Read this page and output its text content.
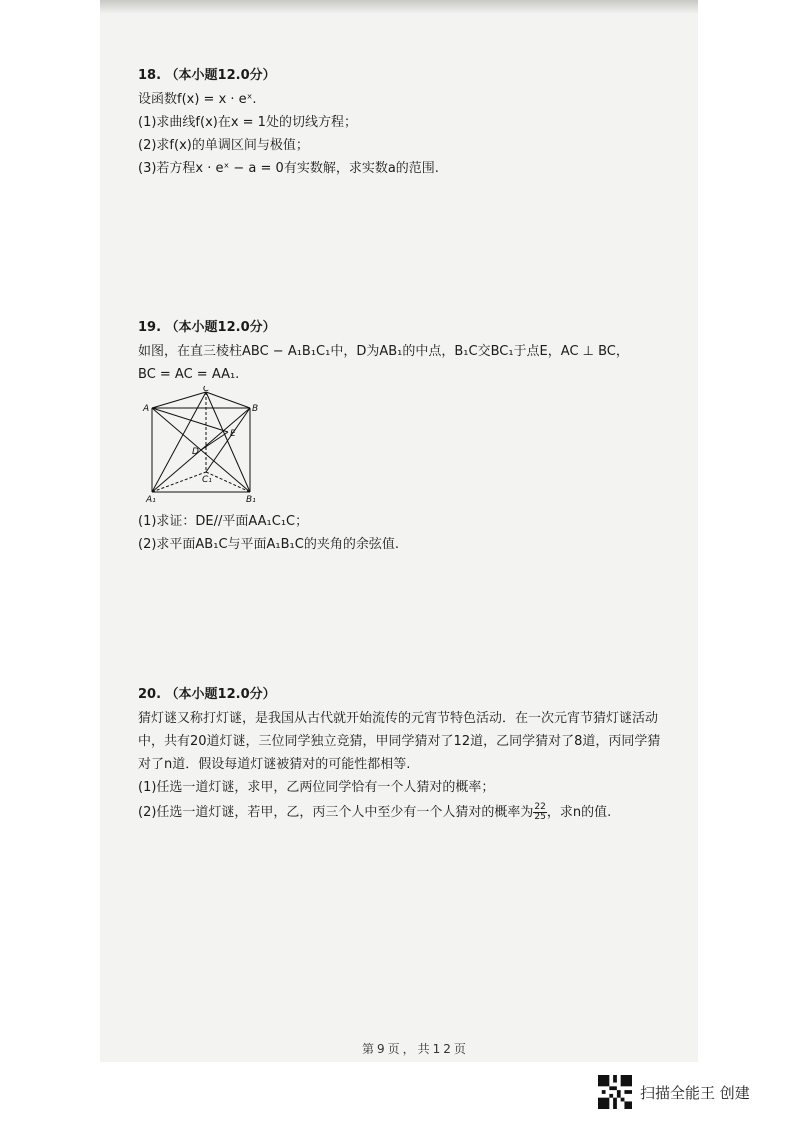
18. （本小题12.0分）
设函数f(x) = x · eˣ.
(1)求曲线f(x)在x = 1处的切线方程；
(2)求f(x)的单调区间与极值；
(3)若方程x · eˣ − a = 0有实数解，求实数a的范围.
19. （本小题12.0分）
如图，在直三棱柱ABC − A₁B₁C₁中，D为AB₁的中点，B₁C交BC₁于点E，AC ⊥ BC，
BC = AC = AA₁.
C
A	B
D
E
C₁
A₁	B₁
(1)求证：DE//平面AA₁C₁C；
(2)求平面AB₁C与平面A₁B₁C的夹角的余弦值.
20. （本小题12.0分）
猜灯谜又称打灯谜，是我国从古代就开始流传的元宵节特色活动．在一次元宵节猜灯谜活动
中，共有20道灯谜，三位同学独立竞猜，甲同学猜对了12道，乙同学猜对了8道，丙同学猜
对了n道．假设每道灯谜被猜对的可能性都相等.
(1)任选一道灯谜，求甲，乙两位同学恰有一个人猜对的概率；
(2)任选一道灯谜，若甲，乙，丙三个人中至少有一个人猜对的概率为 $\frac{22}{25}$ ，求n的值.
第9页，共12页
扫描全能王 创建
